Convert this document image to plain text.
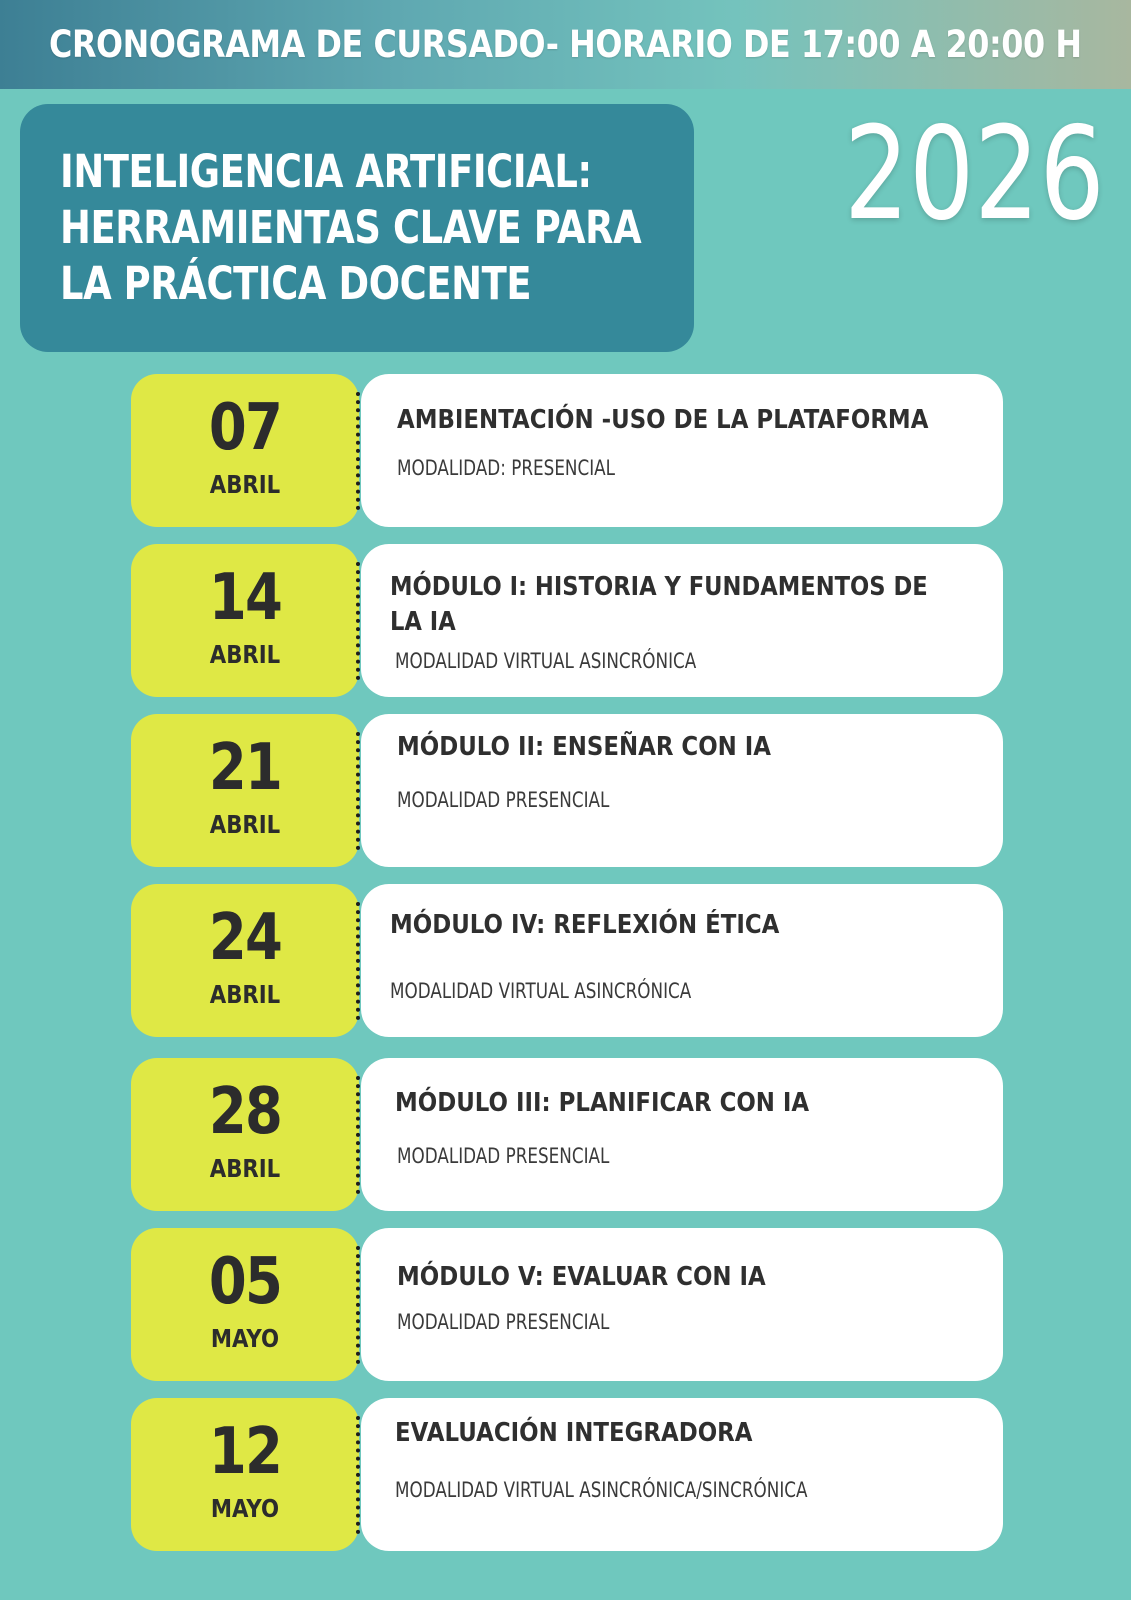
CRONOGRAMA DE CURSADO- HORARIO DE 17:00 A 20:00 H
INTELIGENCIA ARTIFICIAL:
HERRAMIENTAS CLAVE PARA
LA PRÁCTICA DOCENTE
2026
07
ABRIL
AMBIENTACIÓN -USO DE LA PLATAFORMA
MODALIDAD: PRESENCIAL
14
ABRIL
MÓDULO I: HISTORIA Y FUNDAMENTOS DE
LA IA
MODALIDAD VIRTUAL ASINCRÓNICA
21
ABRIL
MÓDULO II: ENSEÑAR CON IA
MODALIDAD PRESENCIAL
24
ABRIL
MÓDULO IV: REFLEXIÓN ÉTICA
MODALIDAD VIRTUAL ASINCRÓNICA
28
ABRIL
MÓDULO III: PLANIFICAR CON IA
MODALIDAD PRESENCIAL
05
MAYO
MÓDULO V: EVALUAR CON IA
MODALIDAD PRESENCIAL
12
MAYO
EVALUACIÓN INTEGRADORA
MODALIDAD VIRTUAL ASINCRÓNICA/SINCRÓNICA
